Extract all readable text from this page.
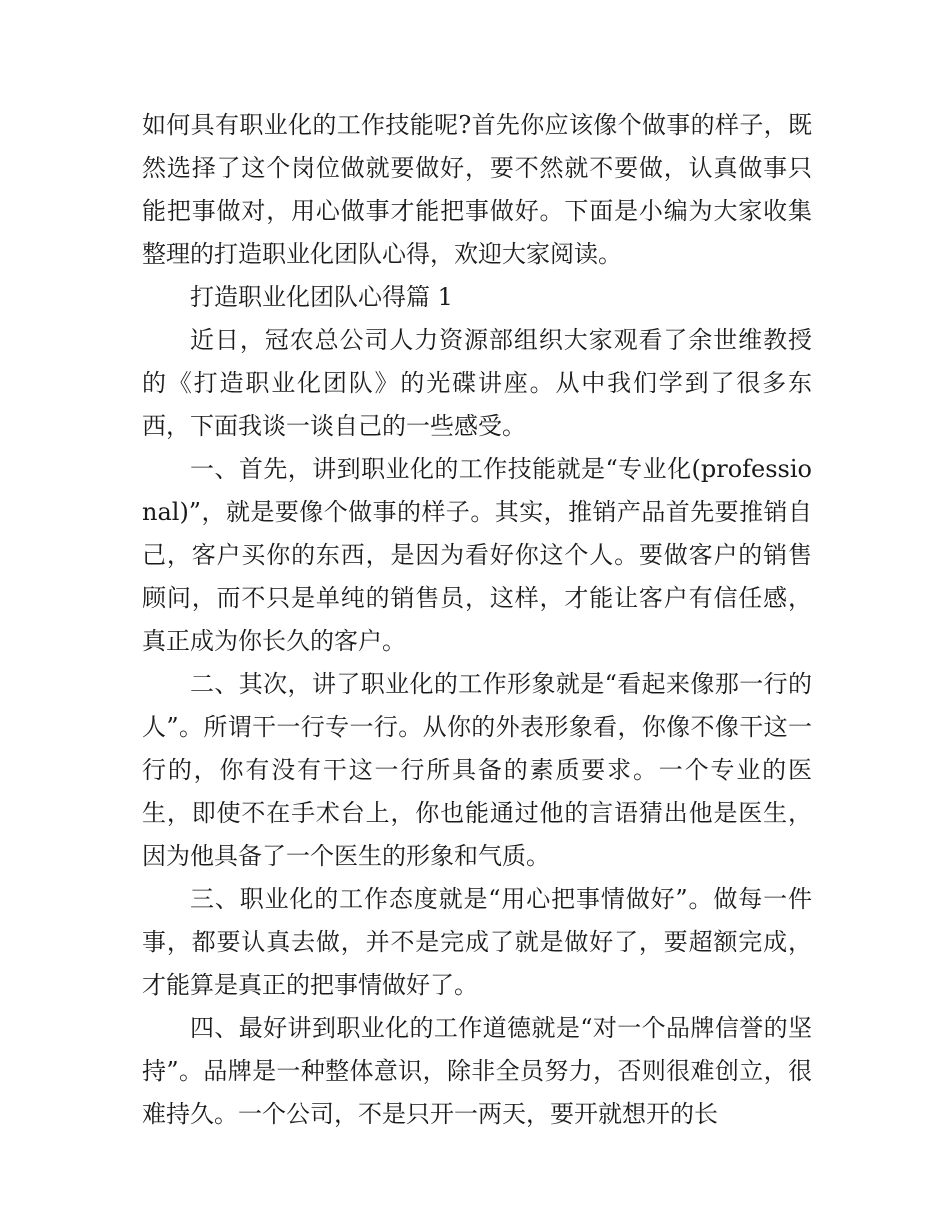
如何具有职业化的工作技能呢?首先你应该像个做事的样子，既然选择了这个岗位做就要做好，要不然就不要做，认真做事只能把事做对，用心做事才能把事做好。下面是小编为大家收集整理的打造职业化团队心得，欢迎大家阅读。

打造职业化团队心得篇 1

近日，冠农总公司人力资源部组织大家观看了余世维教授的《打造职业化团队》的光碟讲座。从中我们学到了很多东西，下面我谈一谈自己的一些感受。

一、首先，讲到职业化的工作技能就是“专业化(professional)”，就是要像个做事的样子。其实，推销产品首先要推销自己，客户买你的东西，是因为看好你这个人。要做客户的销售顾问，而不只是单纯的销售员，这样，才能让客户有信任感，真正成为你长久的客户。

二、其次，讲了职业化的工作形象就是“看起来像那一行的人”。所谓干一行专一行。从你的外表形象看，你像不像干这一行的，你有没有干这一行所具备的素质要求。一个专业的医生，即使不在手术台上，你也能通过他的言语猜出他是医生，因为他具备了一个医生的形象和气质。

三、职业化的工作态度就是“用心把事情做好”。做每一件事，都要认真去做，并不是完成了就是做好了，要超额完成，才能算是真正的把事情做好了。

四、最好讲到职业化的工作道德就是“对一个品牌信誉的坚持”。品牌是一种整体意识，除非全员努力，否则很难创立，很难持久。一个公司，不是只开一两天，要开就想开的长
